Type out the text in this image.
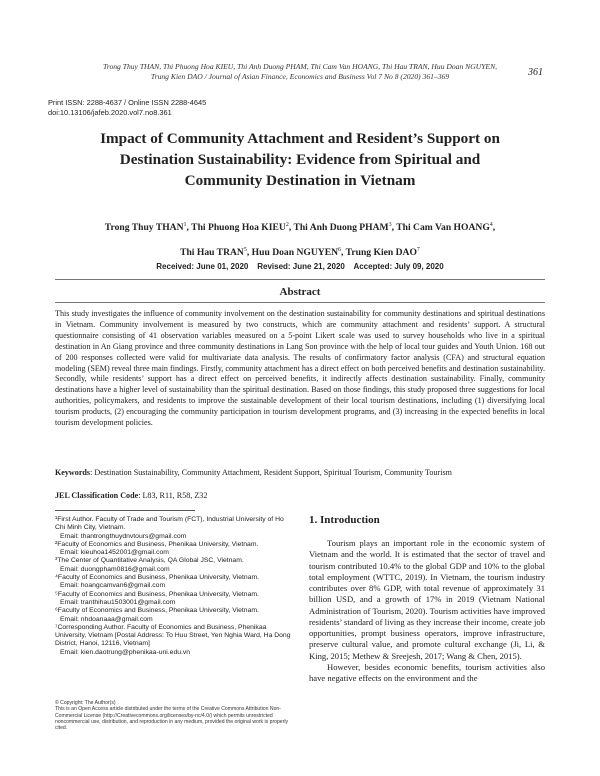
Trong Thuy THAN, Thi Phuong Hoa KIEU, Thi Anh Duong PHAM, Thi Cam Van HOANG, Thi Hau TRAN, Huu Doan NGUYEN,
Trung Kien DAO / Journal of Asian Finance, Economics and Business Vol 7 No 8 (2020) 361–369	361
Print ISSN: 2288-4637 / Online ISSN 2288-4645
doi:10.13106/jafeb.2020.vol7.no8.361
Impact of Community Attachment and Resident’s Support on
Destination Sustainability: Evidence from Spiritual and
Community Destination in Vietnam
Trong Thuy THAN$^1$, Thi Phuong Hoa KIEU$^2$, Thi Anh Duong PHAM$^3$, Thi Cam Van HOANG$^4$,
Thi Hau TRAN$^5$, Huu Doan NGUYEN$^6$, Trung Kien DAO$^7$
Received: June 01, 2020 Revised: June 21, 2020 Accepted: July 09, 2020
Abstract
This study investigates the influence of community involvement on the destination sustainability for community destinations and spiritual destinations in Vietnam. Community involvement is measured by two constructs, which are community attachment and residents’ support. A structural questionnaire consisting of 41 observation variables measured on a 5-point Likert scale was used to survey households who live in a spiritual destination in An Giang province and three community destinations in Lang Son province with the help of local tour guides and Youth Union. 168 out of 200 responses collected were valid for multivariate data analysis. The results of confirmatory factor analysis (CFA) and structural equation modeling (SEM) reveal three main findings. Firstly, community attachment has a direct effect on both perceived benefits and destination sustainability. Secondly, while residents’ support has a direct effect on perceived benefits, it indirectly affects destination sustainability. Finally, community destinations have a higher level of sustainability than the spiritual destination. Based on those findings, this study proposed three suggestions for local authorities, policymakers, and residents to improve the sustainable development of their local tourism destinations, including (1) diversifying local tourism products, (2) encouraging the community participation in tourism development programs, and (3) increasing in the expected benefits in local tourism development policies.
Keywords: Destination Sustainability, Community Attachment, Resident Support, Spiritual Tourism, Community Tourism
JEL Classification Code: L83, R11, R58, Z32
¹First Author. Faculty of Trade and Tourism (FCT), Industrial University of Ho Chi Minh City, Vietnam.
Email: thantrongthuydnvtours@gmail.com
²Faculty of Economics and Business, Phenikaa University, Vietnam.
Email: kieuhoa1452001@gmail.com
³The Center of Quantitative Analysis, QA Global JSC, Vietnam.
Email: duongpham0816@gmail.com
⁴Faculty of Economics and Business, Phenikaa University, Vietnam.
Email: hoangcamvan6@gmail.com
⁵Faculty of Economics and Business, Phenikaa University, Vietnam.
Email: tranthihau1503001@gmail.com
⁶Faculty of Economics and Business, Phenikaa University, Vietnam.
Email: nhdoanaaa@gmail.com
⁷Corresponding Author. Faculty of Economics and Business, Phenikaa University, Vietnam [Postal Address: To Huu Street, Yen Nghia Ward, Ha Dong District, Hanoi, 12116, Vietnam]
Email: kien.daotrung@phenikaa-uni.edu.vn
© Copyright: The Author(s)
This is an Open Access article distributed under the terms of the Creative Commons Attribution Non-Commercial License (http://Creativecommons.org/licenses/by-nc/4.0/) which permits unrestricted noncommercial use, distribution, and reproduction in any medium, provided the original work is properly cited.
1. Introduction

Tourism plays an important role in the economic system of Vietnam and the world. It is estimated that the sector of travel and tourism contributed 10.4% to the global GDP and 10% to the global total employment (WTTC, 2019). In Vietnam, the tourism industry contributes over 8% GDP, with total revenue of approximately 31 billion USD, and a growth of 17% in 2019 (Vietnam National Administration of Tourism, 2020). Tourism activities have improved residents’ standard of living as they increase their income, create job opportunities, prompt business operators, improve infrastructure, preserve cultural value, and promote cultural exchange (Ji, Li, & King, 2015; Methew & Sreejesh, 2017; Wang & Chen, 2015).

However, besides economic benefits, tourism activities also have negative effects on the environment and the
